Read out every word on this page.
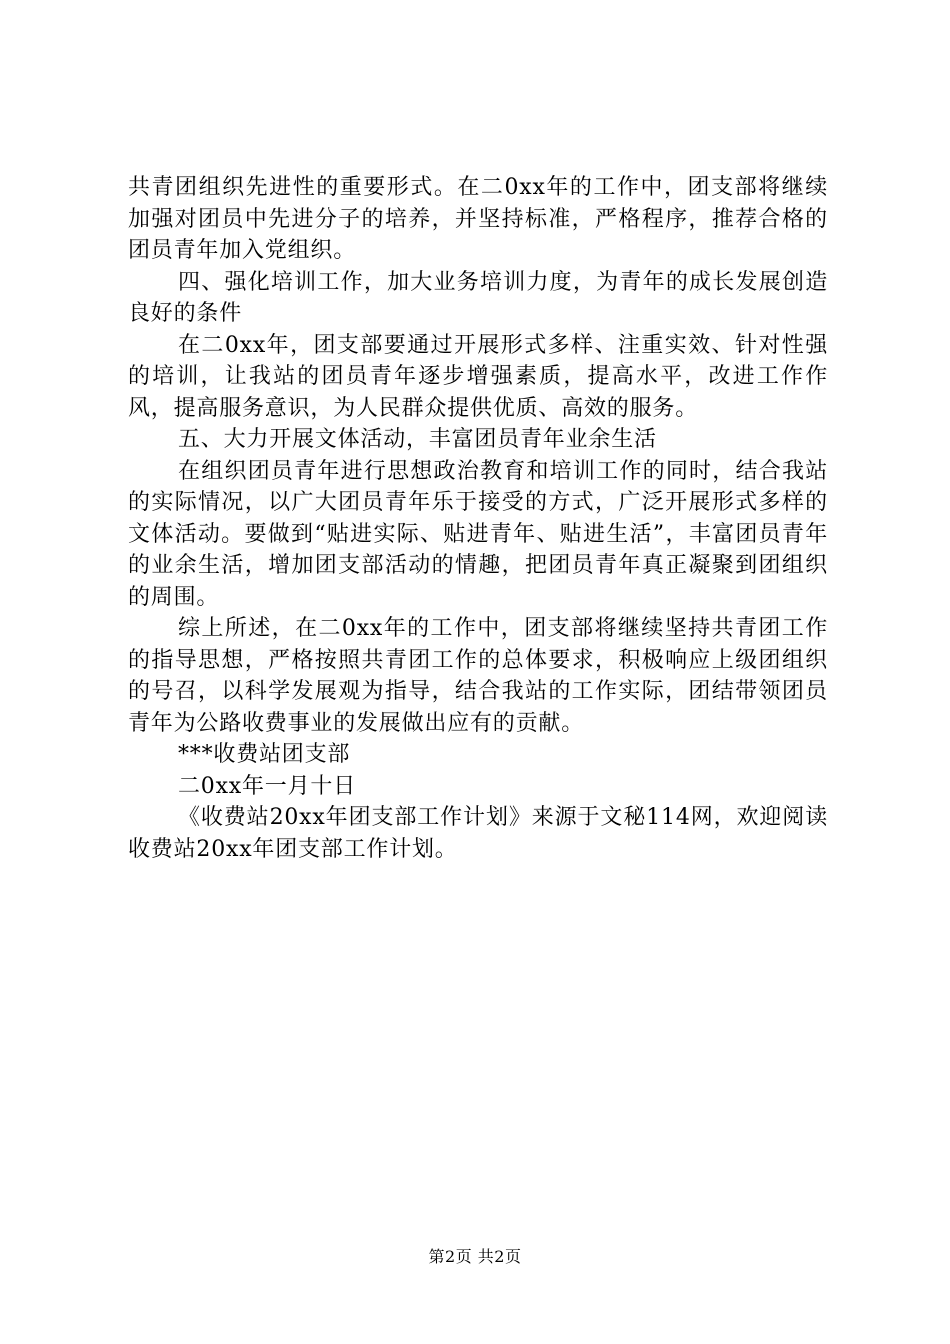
共青团组织先进性的重要形式。在二0xx年的工作中，团支部将继续加强对团员中先进分子的培养，并坚持标准，严格程序，推荐合格的团员青年加入党组织。

四、强化培训工作，加大业务培训力度，为青年的成长发展创造良好的条件

在二0xx年，团支部要通过开展形式多样、注重实效、针对性强的培训，让我站的团员青年逐步增强素质，提高水平，改进工作作风，提高服务意识，为人民群众提供优质、高效的服务。

五、大力开展文体活动，丰富团员青年业余生活

在组织团员青年进行思想政治教育和培训工作的同时，结合我站的实际情况，以广大团员青年乐于接受的方式，广泛开展形式多样的文体活动。要做到“贴进实际、贴进青年、贴进生活”，丰富团员青年的业余生活，增加团支部活动的情趣，把团员青年真正凝聚到团组织的周围。

综上所述，在二0xx年的工作中，团支部将继续坚持共青团工作的指导思想，严格按照共青团工作的总体要求，积极响应上级团组织的号召，以科学发展观为指导，结合我站的工作实际，团结带领团员青年为公路收费事业的发展做出应有的贡献。

***收费站团支部

二0xx年一月十日

《收费站20xx年团支部工作计划》来源于文秘114网，欢迎阅读收费站20xx年团支部工作计划。

第2页 共2页
